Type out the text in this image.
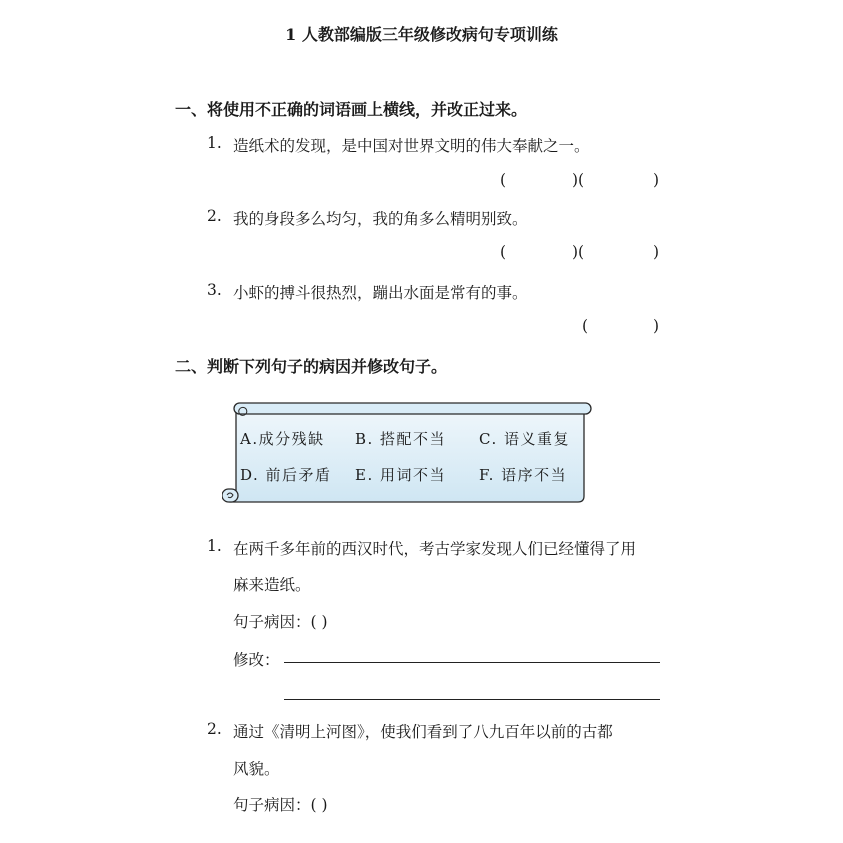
1 人教部编版三年级修改病句专项训练
一、将使用不正确的词语画上横线，并改正过来。
1. 造纸术的发现，是中国对世界文明的伟大奉献之一。
(	)(	)
2. 我的身段多么均匀，我的角多么精明别致。
(	)(	)
3. 小虾的搏斗很热烈，蹦出水面是常有的事。
(	)
二、判断下列句子的病因并修改句子。
A.成分残缺 B. 搭配不当 C. 语义重复
D. 前后矛盾 E. 用词不当 F. 语序不当
1. 在两千多年前的西汉时代，考古学家发现人们已经懂得了用
麻来造纸。
句子病因：( )
修改：
2. 通过《清明上河图》，使我们看到了八九百年以前的古都
风貌。
句子病因：( )
